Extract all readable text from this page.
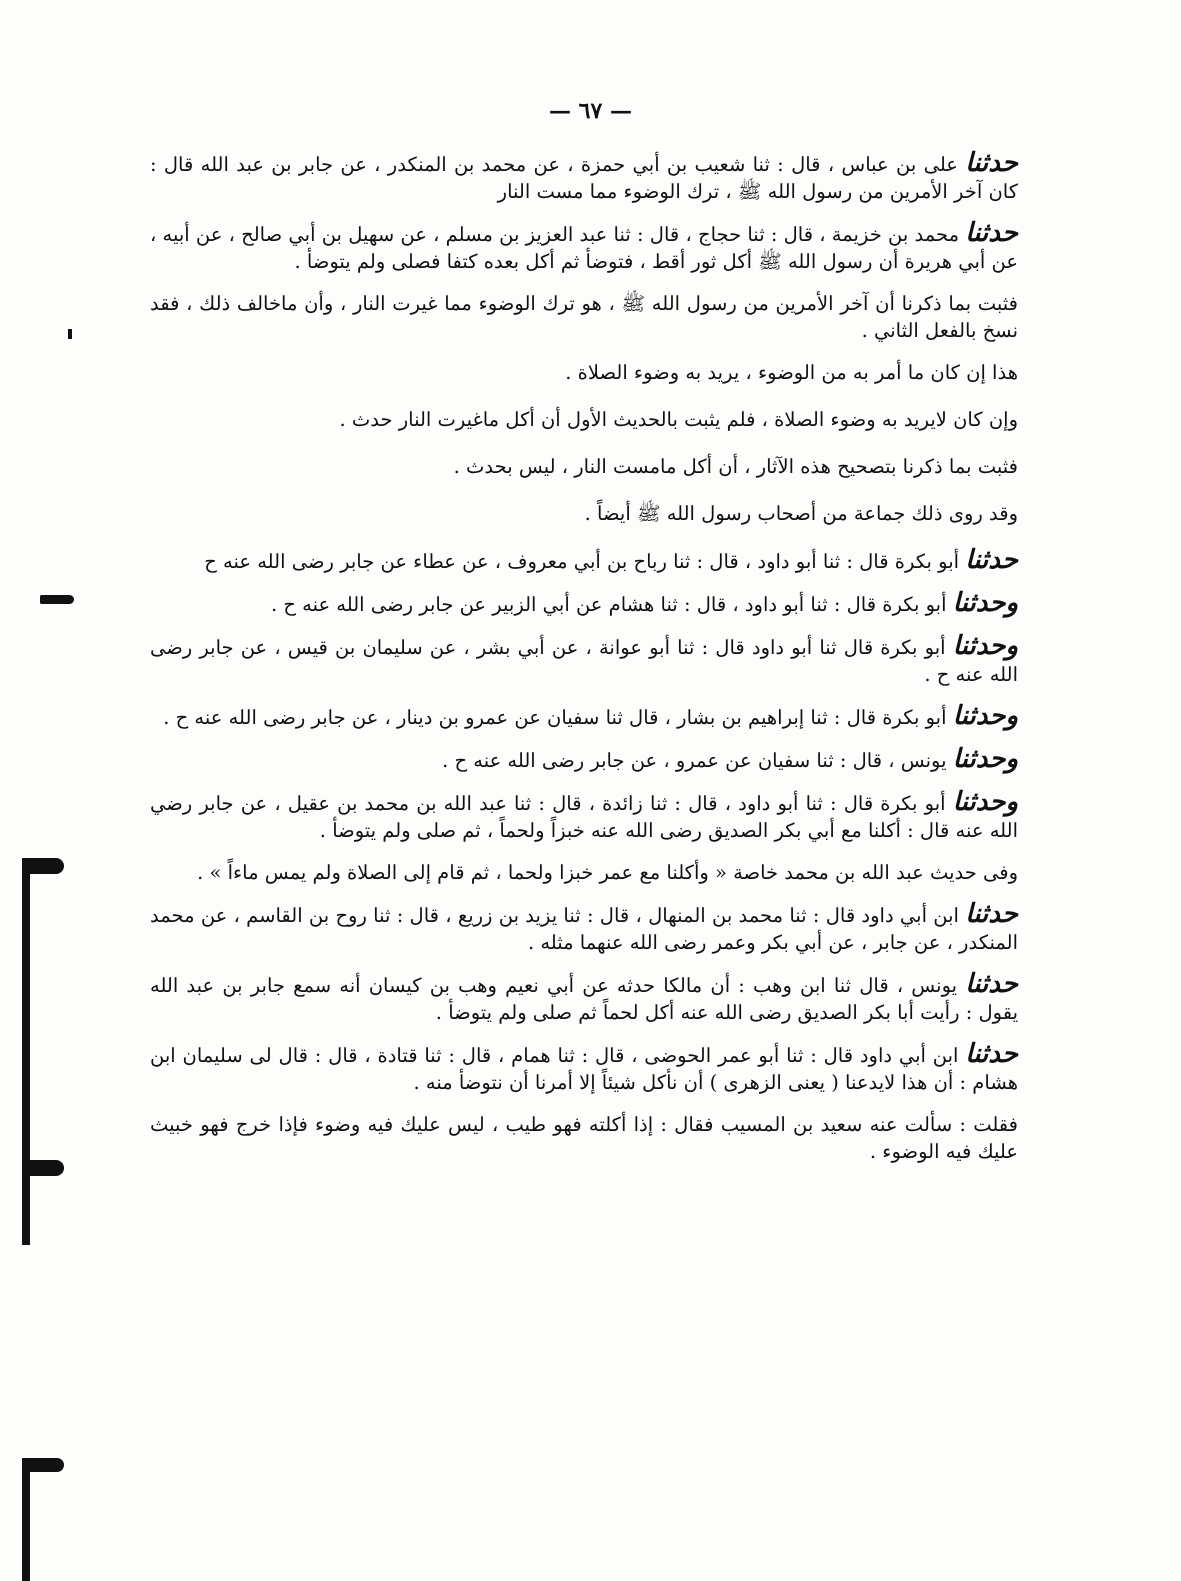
— ٦٧ —

حدثنا على بن عباس ، قال : ثنا شعيب بن أبي حمزة ، عن محمد بن المنكدر ، عن جابر بن عبد الله قال : كان آخر الأمرين من رسول الله ﷺ ، ترك الوضوء مما مست النار

حدثنا محمد بن خزيمة ، قال : ثنا حجاج ، قال : ثنا عبد العزيز بن مسلم ، عن سهيل بن أبي صالح ، عن أبيه ، عن أبي هريرة أن رسول الله ﷺ أكل ثور أقط ، فتوضأ ثم أكل بعده كتفا فصلى ولم يتوضأ .

فثبت بما ذكرنا أن آخر الأمرين من رسول الله ﷺ ، هو ترك الوضوء مما غيرت النار ، وأن ماخالف ذلك ، فقد نسخ بالفعل الثاني .

هذا إن كان ما أمر به من الوضوء ، يريد به وضوء الصلاة .

وإن كان لايريد به وضوء الصلاة ، فلم يثبت بالحديث الأول أن أكل ماغيرت النار حدث .

فثبت بما ذكرنا بتصحيح هذه الآثار ، أن أكل مامست النار ، ليس بحدث .

وقد روى ذلك جماعة من أصحاب رسول الله ﷺ أيضاً .

حدثنا أبو بكرة قال : ثنا أبو داود ، قال : ثنا رباح بن أبي معروف ، عن عطاء عن جابر رضى الله عنه ح

وحدثنا أبو بكرة قال : ثنا أبو داود ، قال : ثنا هشام عن أبي الزبير عن جابر رضى الله عنه ح .

وحدثنا أبو بكرة قال ثنا أبو داود قال : ثنا أبو عوانة ، عن أبي بشر ، عن سليمان بن قيس ، عن جابر رضى الله عنه ح .

وحدثنا أبو بكرة قال : ثنا إبراهيم بن بشار ، قال ثنا سفيان عن عمرو بن دينار ، عن جابر رضى الله عنه ح .

وحدثنا يونس ، قال : ثنا سفيان عن عمرو ، عن جابر رضى الله عنه ح .

وحدثنا أبو بكرة قال : ثنا أبو داود ، قال : ثنا زائدة ، قال : ثنا عبد الله بن محمد بن عقيل ، عن جابر رضي الله عنه قال : أكلنا مع أبي بكر الصديق رضى الله عنه خبزاً ولحماً ، ثم صلى ولم يتوضأ .

وفى حديث عبد الله بن محمد خاصة « وأكلنا مع عمر خبزا ولحما ، ثم قام إلى الصلاة ولم يمس ماءاً » .

حدثنا ابن أبي داود قال : ثنا محمد بن المنهال ، قال : ثنا يزيد بن زريع ، قال : ثنا روح بن القاسم ، عن محمد المنكدر ، عن جابر ، عن أبي بكر وعمر رضى الله عنهما مثله .

حدثنا يونس ، قال ثنا ابن وهب : أن مالكا حدثه عن أبي نعيم وهب بن كيسان أنه سمع جابر بن عبد الله يقول : رأيت أبا بكر الصديق رضى الله عنه أكل لحماً ثم صلى ولم يتوضأ .

حدثنا ابن أبي داود قال : ثنا أبو عمر الحوضى ، قال : ثنا همام ، قال : ثنا قتادة ، قال : قال لى سليمان ابن هشام : أن هذا لايدعنا ( يعنى الزهرى ) أن نأكل شيئاً إلا أمرنا أن نتوضأ منه .

فقلت : سألت عنه سعيد بن المسيب فقال : إذا أكلته فهو طيب ، ليس عليك فيه وضوء فإذا خرج فهو خبيث عليك فيه الوضوء .
